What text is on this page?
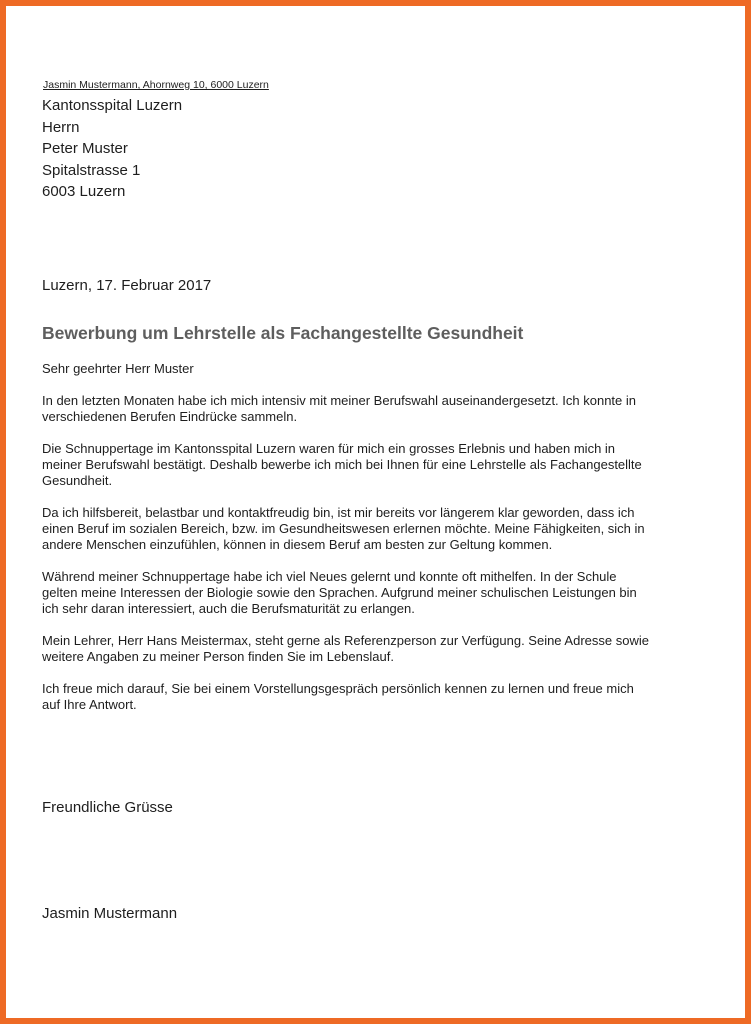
Jasmin Mustermann, Ahornweg 10, 6000 Luzern
Kantonsspital Luzern
Herrn
Peter Muster
Spitalstrasse 1
6003 Luzern
Luzern, 17. Februar 2017
Bewerbung um Lehrstelle als Fachangestellte Gesundheit
Sehr geehrter Herr Muster
In den letzten Monaten habe ich mich intensiv mit meiner Berufswahl auseinandergesetzt. Ich konnte in
verschiedenen Berufen Eindrücke sammeln.
Die Schnuppertage im Kantonsspital Luzern waren für mich ein grosses Erlebnis und haben mich in
meiner Berufswahl bestätigt. Deshalb bewerbe ich mich bei Ihnen für eine Lehrstelle als Fachangestellte
Gesundheit.
Da ich hilfsbereit, belastbar und kontaktfreudig bin, ist mir bereits vor längerem klar geworden, dass ich
einen Beruf im sozialen Bereich, bzw. im Gesundheitswesen erlernen möchte. Meine Fähigkeiten, sich in
andere Menschen einzufühlen, können in diesem Beruf am besten zur Geltung kommen.
Während meiner Schnuppertage habe ich viel Neues gelernt und konnte oft mithelfen. In der Schule
gelten meine Interessen der Biologie sowie den Sprachen. Aufgrund meiner schulischen Leistungen bin
ich sehr daran interessiert, auch die Berufsmaturität zu erlangen.
Mein Lehrer, Herr Hans Meistermax, steht gerne als Referenzperson zur Verfügung. Seine Adresse sowie
weitere Angaben zu meiner Person finden Sie im Lebenslauf.
Ich freue mich darauf, Sie bei einem Vorstellungsgespräch persönlich kennen zu lernen und freue mich
auf Ihre Antwort.
Freundliche Grüsse
Jasmin Mustermann
